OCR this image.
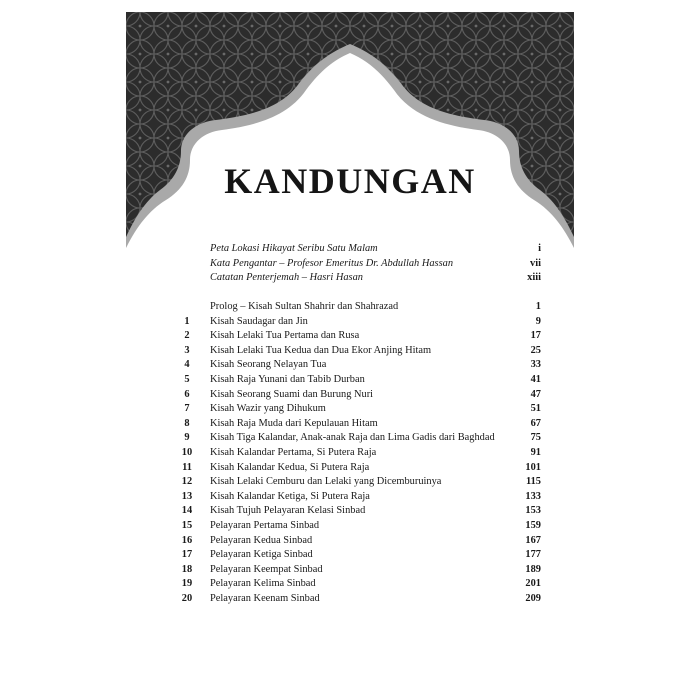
KANDUNGAN
Peta Lokasi Hikayat Seribu Satu Malam	i
Kata Pengantar – Profesor Emeritus Dr. Abdullah Hassan	vii
Catatan Penterjemah – Hasri Hasan	xiii
Prolog – Kisah Sultan Shahrir dan Shahrazad	1
1	Kisah Saudagar dan Jin	9
2	Kisah Lelaki Tua Pertama dan Rusa	17
3	Kisah Lelaki Tua Kedua dan Dua Ekor Anjing Hitam	25
4	Kisah Seorang Nelayan Tua	33
5	Kisah Raja Yunani dan Tabib Durban	41
6	Kisah Seorang Suami dan Burung Nuri	47
7	Kisah Wazir yang Dihukum	51
8	Kisah Raja Muda dari Kepulauan Hitam	67
9	Kisah Tiga Kalandar, Anak-anak Raja dan Lima Gadis dari Baghdad	75
10	Kisah Kalandar Pertama, Si Putera Raja	91
11	Kisah Kalandar Kedua, Si Putera Raja	101
12	Kisah Lelaki Cemburu dan Lelaki yang Dicemburuinya	115
13	Kisah Kalandar Ketiga, Si Putera Raja	133
14	Kisah Tujuh Pelayaran Kelasi Sinbad	153
15	Pelayaran Pertama Sinbad	159
16	Pelayaran Kedua Sinbad	167
17	Pelayaran Ketiga Sinbad	177
18	Pelayaran Keempat Sinbad	189
19	Pelayaran Kelima Sinbad	201
20	Pelayaran Keenam Sinbad	209
